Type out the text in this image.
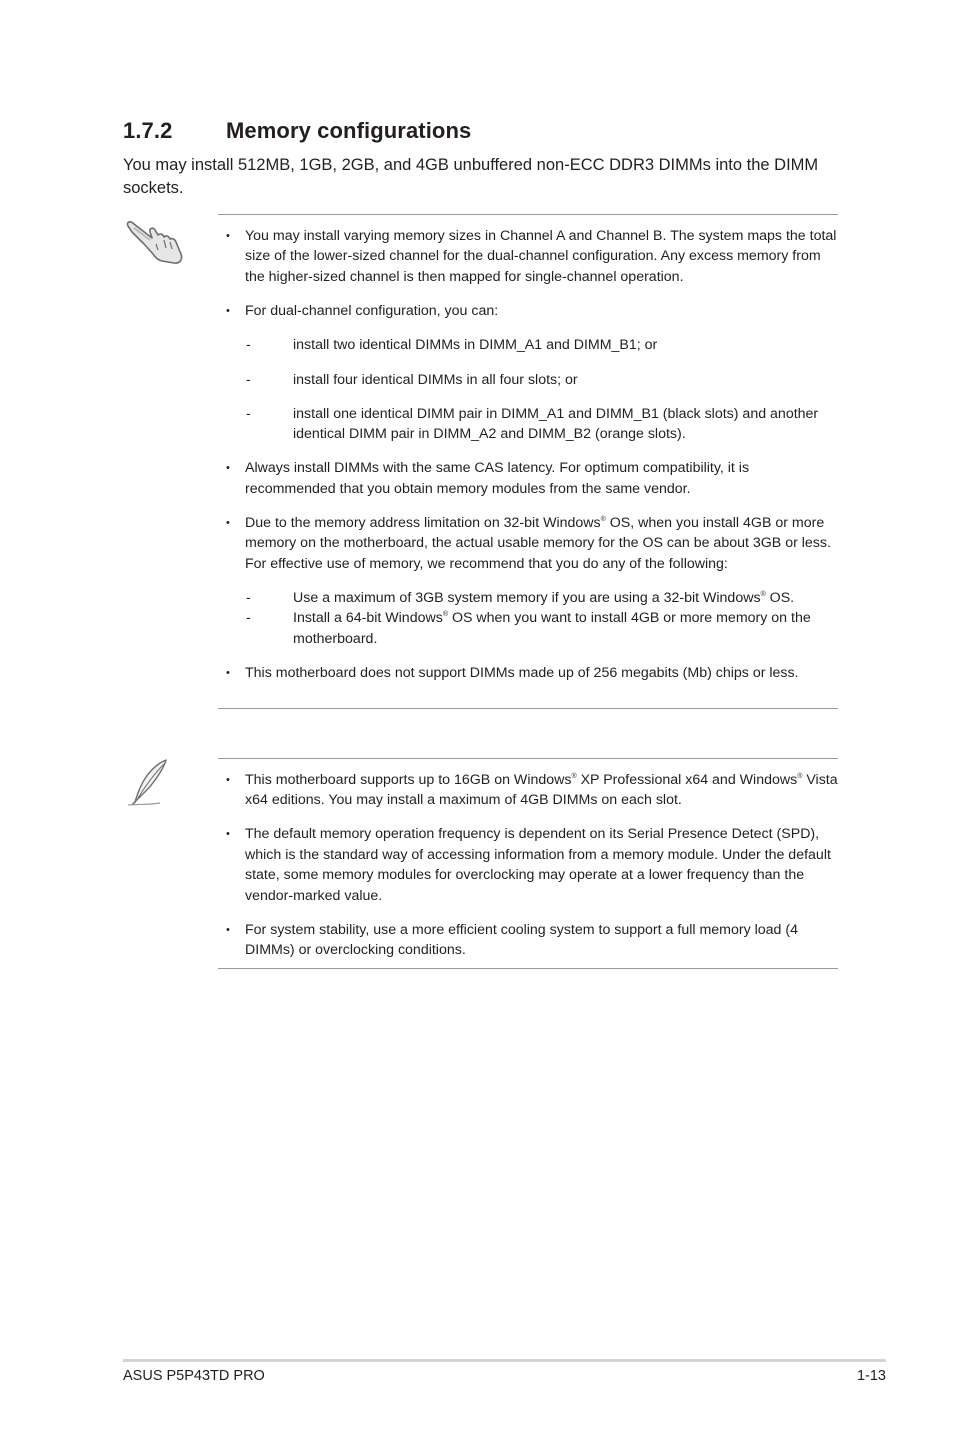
1.7.2 Memory configurations
You may install 512MB, 1GB, 2GB, and 4GB unbuffered non-ECC DDR3 DIMMs into the DIMM sockets.
• You may install varying memory sizes in Channel A and Channel B. The system maps the total size of the lower-sized channel for the dual-channel configuration. Any excess memory from the higher-sized channel is then mapped for single-channel operation.
• For dual-channel configuration, you can:
-	install two identical DIMMs in DIMM_A1 and DIMM_B1; or
-	install four identical DIMMs in all four slots; or
-	install one identical DIMM pair in DIMM_A1 and DIMM_B1 (black slots) and another identical DIMM pair in DIMM_A2 and DIMM_B2 (orange slots).
• Always install DIMMs with the same CAS latency. For optimum compatibility, it is recommended that you obtain memory modules from the same vendor.
• Due to the memory address limitation on 32-bit Windows® OS, when you install 4GB or more memory on the motherboard, the actual usable memory for the OS can be about 3GB or less. For effective use of memory, we recommend that you do any of the following:
-	Use a maximum of 3GB system memory if you are using a 32-bit Windows® OS.
-	Install a 64-bit Windows® OS when you want to install 4GB or more memory on the motherboard.
• This motherboard does not support DIMMs made up of 256 megabits (Mb) chips or less.
• This motherboard supports up to 16GB on Windows® XP Professional x64 and Windows® Vista x64 editions. You may install a maximum of 4GB DIMMs on each slot.
• The default memory operation frequency is dependent on its Serial Presence Detect (SPD), which is the standard way of accessing information from a memory module. Under the default state, some memory modules for overclocking may operate at a lower frequency than the vendor-marked value.
• For system stability, use a more efficient cooling system to support a full memory load (4 DIMMs) or overclocking conditions.
ASUS P5P43TD PRO	1-13
